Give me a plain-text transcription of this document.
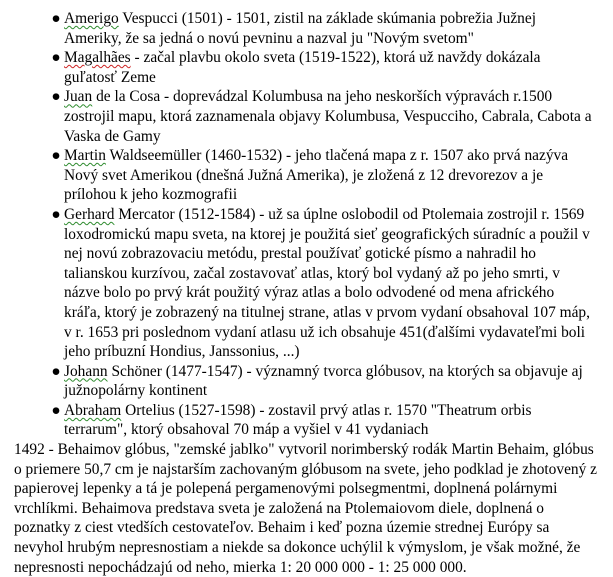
● Amerigo Vespucci (1501) - 1501, zistil na základe skúmania pobrežia Južnej Ameriky, že sa jedná o novú pevninu a nazval ju "Novým svetom"
● Magalhães - začal plavbu okolo sveta (1519-1522), ktorá už navždy dokázala guľatosť Zeme
● Juan de la Cosa - doprevádzal Kolumbusa na jeho neskorších výpravách r.1500 zostrojil mapu, ktorá zaznamenala objavy Kolumbusa, Vespucciho, Cabrala, Cabota a Vaska de Gamy
● Martin Waldseemüller (1460-1532) - jeho tlačená mapa z r. 1507 ako prvá nazýva Nový svet Amerikou (dnešná Južná Amerika), je zložená z 12 drevorezov a je prílohou k jeho kozmografii
● Gerhard Mercator (1512-1584) - už sa úplne oslobodil od Ptolemaia zostrojil r. 1569 loxodromickú mapu sveta, na ktorej je použitá sieť geografických súradníc a použil v nej novú zobrazovaciu metódu, prestal používať gotické písmo a nahradil ho talianskou kurzívou, začal zostavovať atlas, ktorý bol vydaný až po jeho smrti, v názve bolo po prvý krát použitý výraz atlas a bolo odvodené od mena afrického kráľa, ktorý je zobrazený na titulnej strane, atlas v prvom vydaní obsahoval 107 máp, v r. 1653 pri poslednom vydaní atlasu už ich obsahuje 451(ďalšími vydavateľmi boli jeho príbuzní Hondius, Janssonius, ...)
● Johann Schöner (1477-1547) - významný tvorca glóbusov, na ktorých sa objavuje aj južnopolárny kontinent
● Abraham Ortelius (1527-1598) - zostavil prvý atlas r. 1570 "Theatrum orbis terrarum", ktorý obsahoval 70 máp a vyšiel v 41 vydaniach

1492 - Behaimov glóbus, "zemské jablko" vytvoril norimberský rodák Martin Behaim, glóbus o priemere 50,7 cm je najstarším zachovaným glóbusom na svete, jeho podklad je zhotovený z papierovej lepenky a tá je polepená pergamenovými polsegmentmi, doplnená polárnymi vrchlíkmi. Behaimova predstava sveta je založená na Ptolemaiovom diele, doplnená o poznatky z ciest vtedších cestovateľov. Behaim i keď pozna územie strednej Európy sa nevyhol hrubým nepresnostiam a niekde sa dokonce uchýlil k výmyslom, je však možné, že nepresnosti nepochádzajú od neho, mierka 1: 20 000 000 - 1: 25 000 000.
